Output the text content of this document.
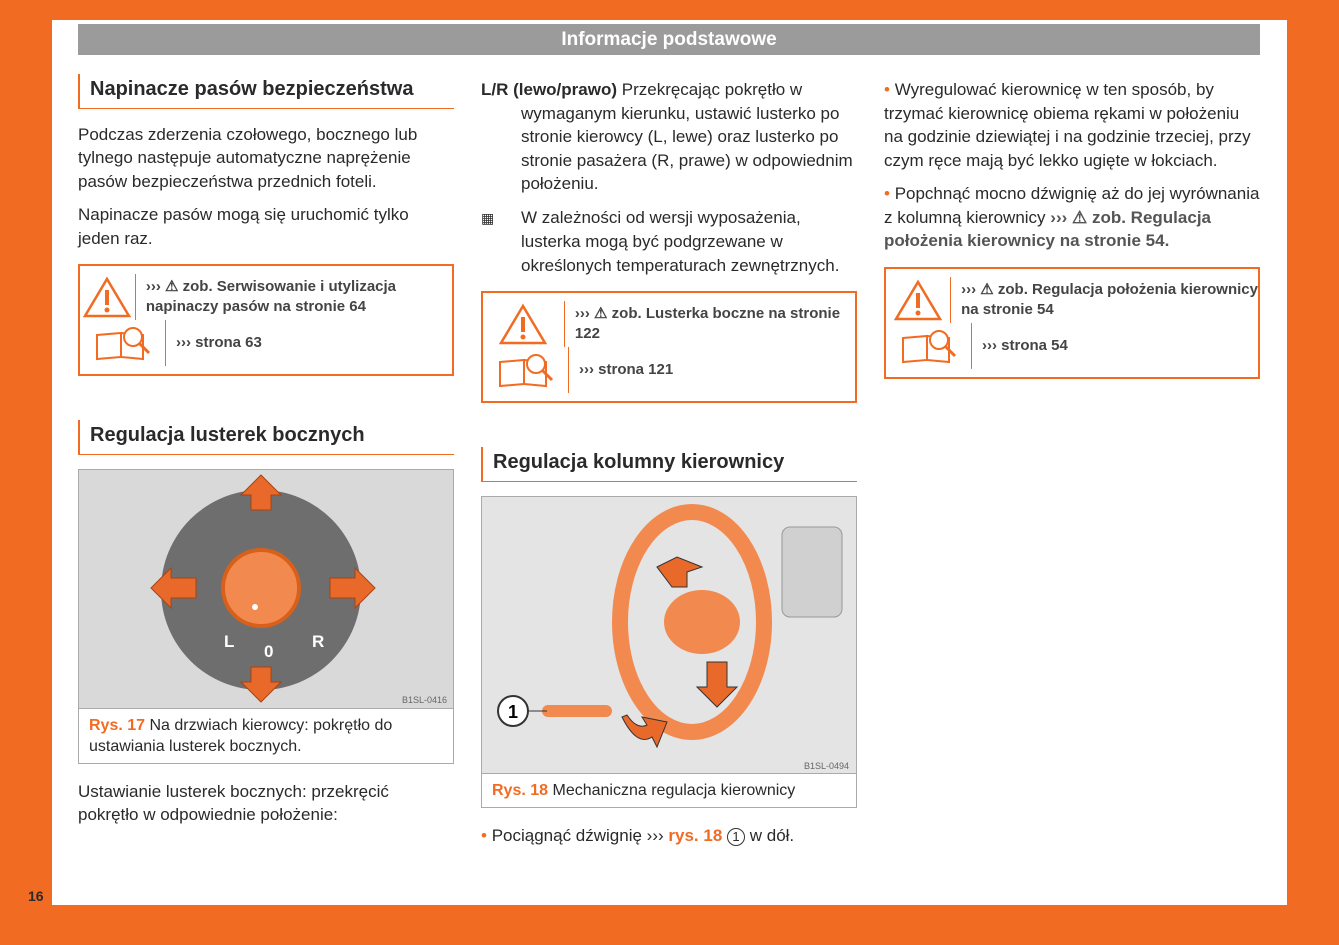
Informacje podstawowe
Napinacze pasów bezpieczeństwa

Podczas zderzenia czołowego, bocznego lub tylnego następuje automatyczne naprężenie pasów bezpieczeństwa przednich foteli.

Napinacze pasów mogą się uruchomić tylko jeden raz.

››› ⚠ zob. Serwisowanie i utylizacja napinaczy pasów na stronie 64
››› strona 63
Regulacja lusterek bocznych
L
0
R
B1SL-0416
Rys. 17 Na drzwiach kierowcy: pokrętło do ustawiania lusterek bocznych.

Ustawianie lusterek bocznych: przekręcić pokrętło w odpowiednie położenie:

L/R (lewo/prawo) Przekręcając pokrętło w wymaganym kierunku, ustawić lusterko po stronie kierowcy (L, lewe) oraz lusterko po stronie pasażera (R, prawe) w odpowiednim położeniu.

▦ W zależności od wersji wyposażenia, lusterka mogą być podgrzewane w określonych temperaturach zewnętrznych.

››› ⚠ zob. Lusterka boczne na stronie 122
››› strona 121
Regulacja kolumny kierownicy
1
B1SL-0494
Rys. 18 Mechaniczna regulacja kierownicy

• Pociągnąć dźwignię ››› rys. 18 1 w dół.

• Wyregulować kierownicę w ten sposób, by trzymać kierownicę obiema rękami w położeniu na godzinie dziewiątej i na godzinie trzeciej, przy czym ręce mają być lekko ugięte w łokciach.

• Popchnąć mocno dźwignię aż do jej wyrównania z kolumną kierownicy ››› ⚠ zob. Regulacja położenia kierownicy na stronie 54.

››› ⚠ zob. Regulacja położenia kierownicy na stronie 54
››› strona 54
16
